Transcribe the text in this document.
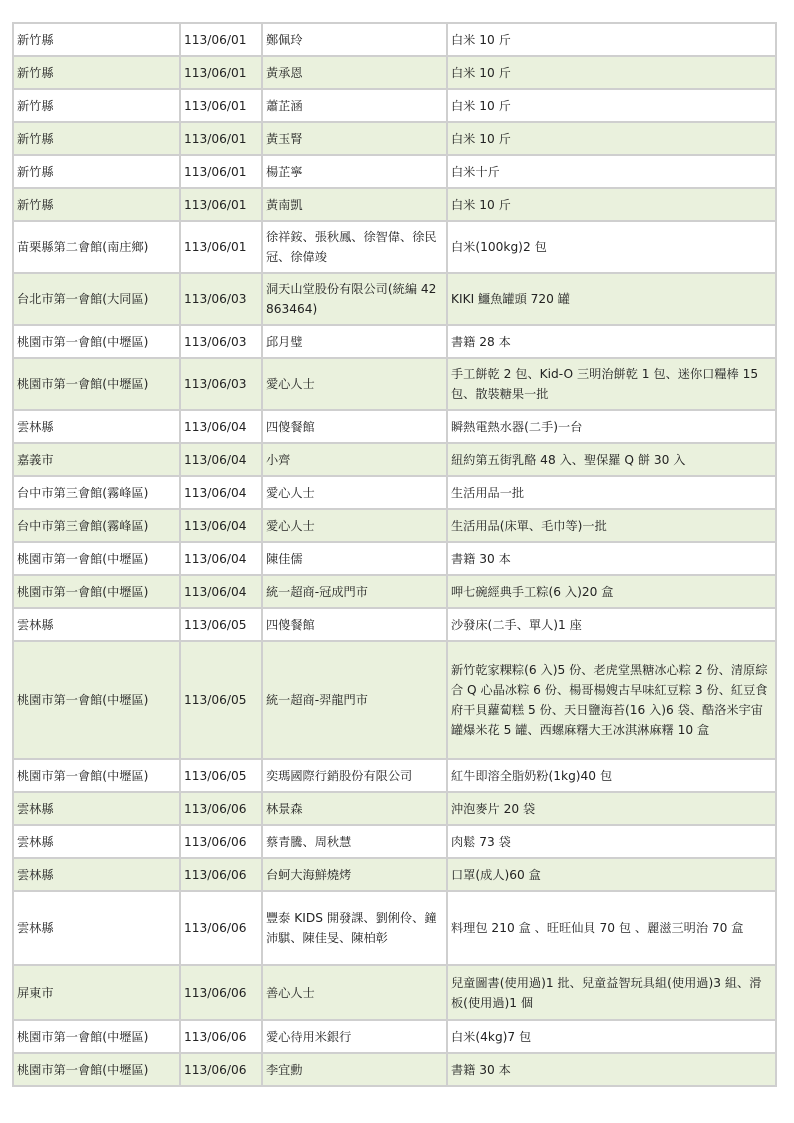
新竹縣	113/06/01	鄭佩玲	白米 10 斤
新竹縣	113/06/01	黃承恩	白米 10 斤
新竹縣	113/06/01	蕭芷涵	白米 10 斤
新竹縣	113/06/01	黃玉腎	白米 10 斤
新竹縣	113/06/01	楊芷寧	白米十斤
新竹縣	113/06/01	黃南凱	白米 10 斤
苗栗縣第二會館(南庄鄉)	113/06/01	徐祥銨、張秋鳳、徐智偉、徐民冠、徐偉竣	白米(100kg)2 包
台北市第一會館(大同區)	113/06/03	洞天山堂股份有限公司(統編 42863464)	KIKI 鱷魚罐頭 720 罐
桃園市第一會館(中壢區)	113/06/03	邱月璧	書籍 28 本
桃園市第一會館(中壢區)	113/06/03	愛心人士	手工餅乾 2 包、Kid-O 三明治餅乾 1 包、迷你口糧棒 15 包、散裝糖果一批
雲林縣	113/06/04	四傻餐館	瞬熱電熱水器(二手)一台
嘉義市	113/06/04	小齊	紐約第五街乳酪 48 入、聖保羅 Q 餅 30 入
台中市第三會館(霧峰區)	113/06/04	愛心人士	生活用品一批
台中市第三會館(霧峰區)	113/06/04	愛心人士	生活用品(床單、毛巾等)一批
桃園市第一會館(中壢區)	113/06/04	陳佳儒	書籍 30 本
桃園市第一會館(中壢區)	113/06/04	統一超商-冠成門市	呷七碗經典手工粽(6 入)20 盒
雲林縣	113/06/05	四傻餐館	沙發床(二手、單人)1 座
桃園市第一會館(中壢區)	113/06/05	統一超商-羿龍門市	新竹乾家粿粽(6 入)5 份、老虎堂黑糖冰心粽 2 份、清原綜合 Q 心晶冰粽 6 份、楊哥楊嫂古早味紅豆粽 3 份、紅豆食府干貝蘿蔔糕 5 份、天日鹽海苔(16 入)6 袋、酷洛米宇宙罐爆米花 5 罐、西螺麻糬大王冰淇淋麻糬 10 盒
桃園市第一會館(中壢區)	113/06/05	奕瑪國際行銷股份有限公司	紅牛即溶全脂奶粉(1kg)40 包
雲林縣	113/06/06	林景森	沖泡麥片 20 袋
雲林縣	113/06/06	蔡青騰、周秋慧	肉鬆 73 袋
雲林縣	113/06/06	台蚵大海鮮燒烤	口罩(成人)60 盒
雲林縣	113/06/06	豐泰 KIDS 開發課、劉俐伶、鐘沛騏、陳佳旻、陳柏彰	料理包 210 盒 、旺旺仙貝 70 包 、麗滋三明治 70 盒
屏東市	113/06/06	善心人士	兒童圖書(使用過)1 批、兒童益智玩具組(使用過)3 組、滑板(使用過)1 個
桃園市第一會館(中壢區)	113/06/06	愛心待用米銀行	白米(4kg)7 包
桃園市第一會館(中壢區)	113/06/06	李宜勳	書籍 30 本
